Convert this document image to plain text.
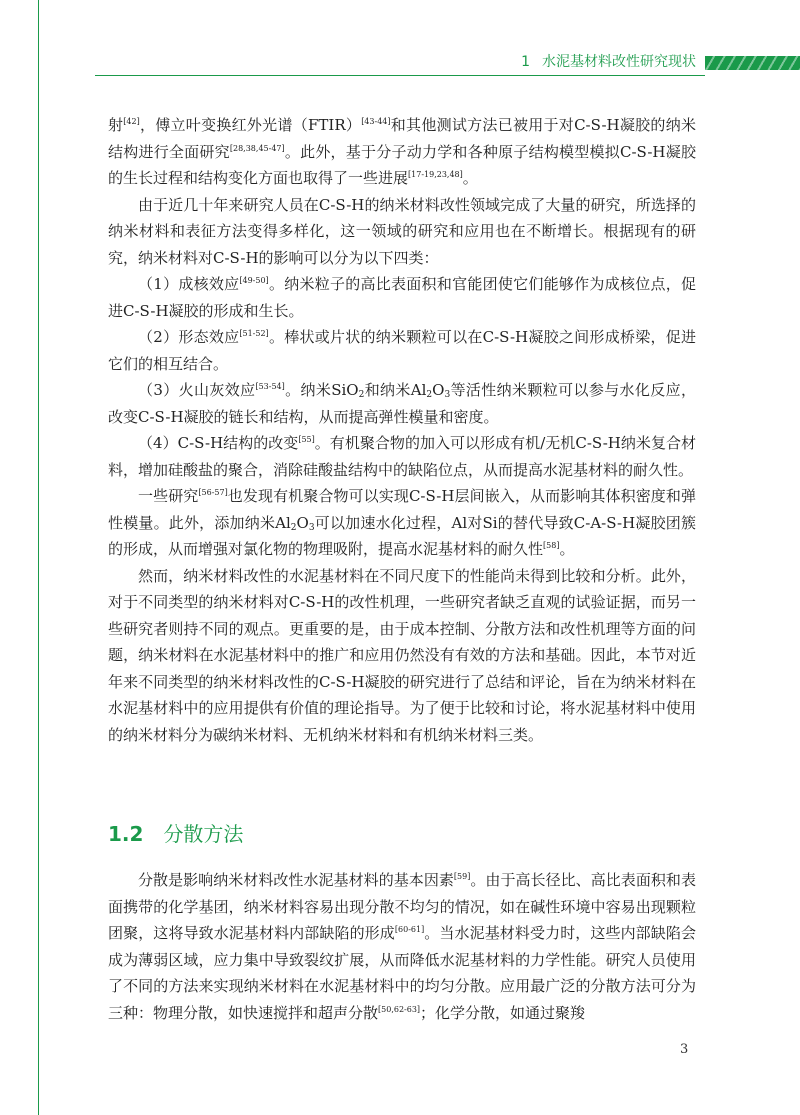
1 水泥基材料改性研究现状

射[42]，傅立叶变换红外光谱（FTIR）[43-44]和其他测试方法已被用于对C-S-H凝胶的纳米结构进行全面研究[28,38,45-47]。此外，基于分子动力学和各种原子结构模型模拟C-S-H凝胶的生长过程和结构变化方面也取得了一些进展[17-19,23,48]。

由于近几十年来研究人员在C-S-H的纳米材料改性领域完成了大量的研究，所选择的纳米材料和表征方法变得多样化，这一领域的研究和应用也在不断增长。根据现有的研究，纳米材料对C-S-H的影响可以分为以下四类：

（1）成核效应[49-50]。纳米粒子的高比表面积和官能团使它们能够作为成核位点，促进C-S-H凝胶的形成和生长。

（2）形态效应[51-52]。棒状或片状的纳米颗粒可以在C-S-H凝胶之间形成桥梁，促进它们的相互结合。

（3）火山灰效应[53-54]。纳米SiO$_2$和纳米$Al_2O_3$等活性纳米颗粒可以参与水化反应，改变C-S-H凝胶的链长和结构，从而提高弹性模量和密度。

（4）C-S-H结构的改变[55]。有机聚合物的加入可以形成有机/无机C-S-H纳米复合材料，增加硅酸盐的聚合，消除硅酸盐结构中的缺陷位点，从而提高水泥基材料的耐久性。

一些研究[56-57]也发现有机聚合物可以实现C-S-H层间嵌入，从而影响其体积密度和弹性模量。此外，添加纳米$Al_2O_3$可以加速水化过程，Al对Si的替代导致C-A-S-H凝胶团簇的形成，从而增强对氯化物的物理吸附，提高水泥基材料的耐久性[58]。

然而，纳米材料改性的水泥基材料在不同尺度下的性能尚未得到比较和分析。此外，对于不同类型的纳米材料对C-S-H的改性机理，一些研究者缺乏直观的试验证据，而另一些研究者则持不同的观点。更重要的是，由于成本控制、分散方法和改性机理等方面的问题，纳米材料在水泥基材料中的推广和应用仍然没有有效的方法和基础。因此，本节对近年来不同类型的纳米材料改性的C-S-H凝胶的研究进行了总结和评论，旨在为纳米材料在水泥基材料中的应用提供有价值的理论指导。为了便于比较和讨论，将水泥基材料中使用的纳米材料分为碳纳米材料、无机纳米材料和有机纳米材料三类。

1.2 分散方法

分散是影响纳米材料改性水泥基材料的基本因素[59]。由于高长径比、高比表面积和表面携带的化学基团，纳米材料容易出现分散不均匀的情况，如在碱性环境中容易出现颗粒团聚，这将导致水泥基材料内部缺陷的形成[60-61]。当水泥基材料受力时，这些内部缺陷会成为薄弱区域，应力集中导致裂纹扩展，从而降低水泥基材料的力学性能。研究人员使用了不同的方法来实现纳米材料在水泥基材料中的均匀分散。应用最广泛的分散方法可分为三种：物理分散，如快速搅拌和超声分散[50,62-63]；化学分散，如通过聚羧

3
